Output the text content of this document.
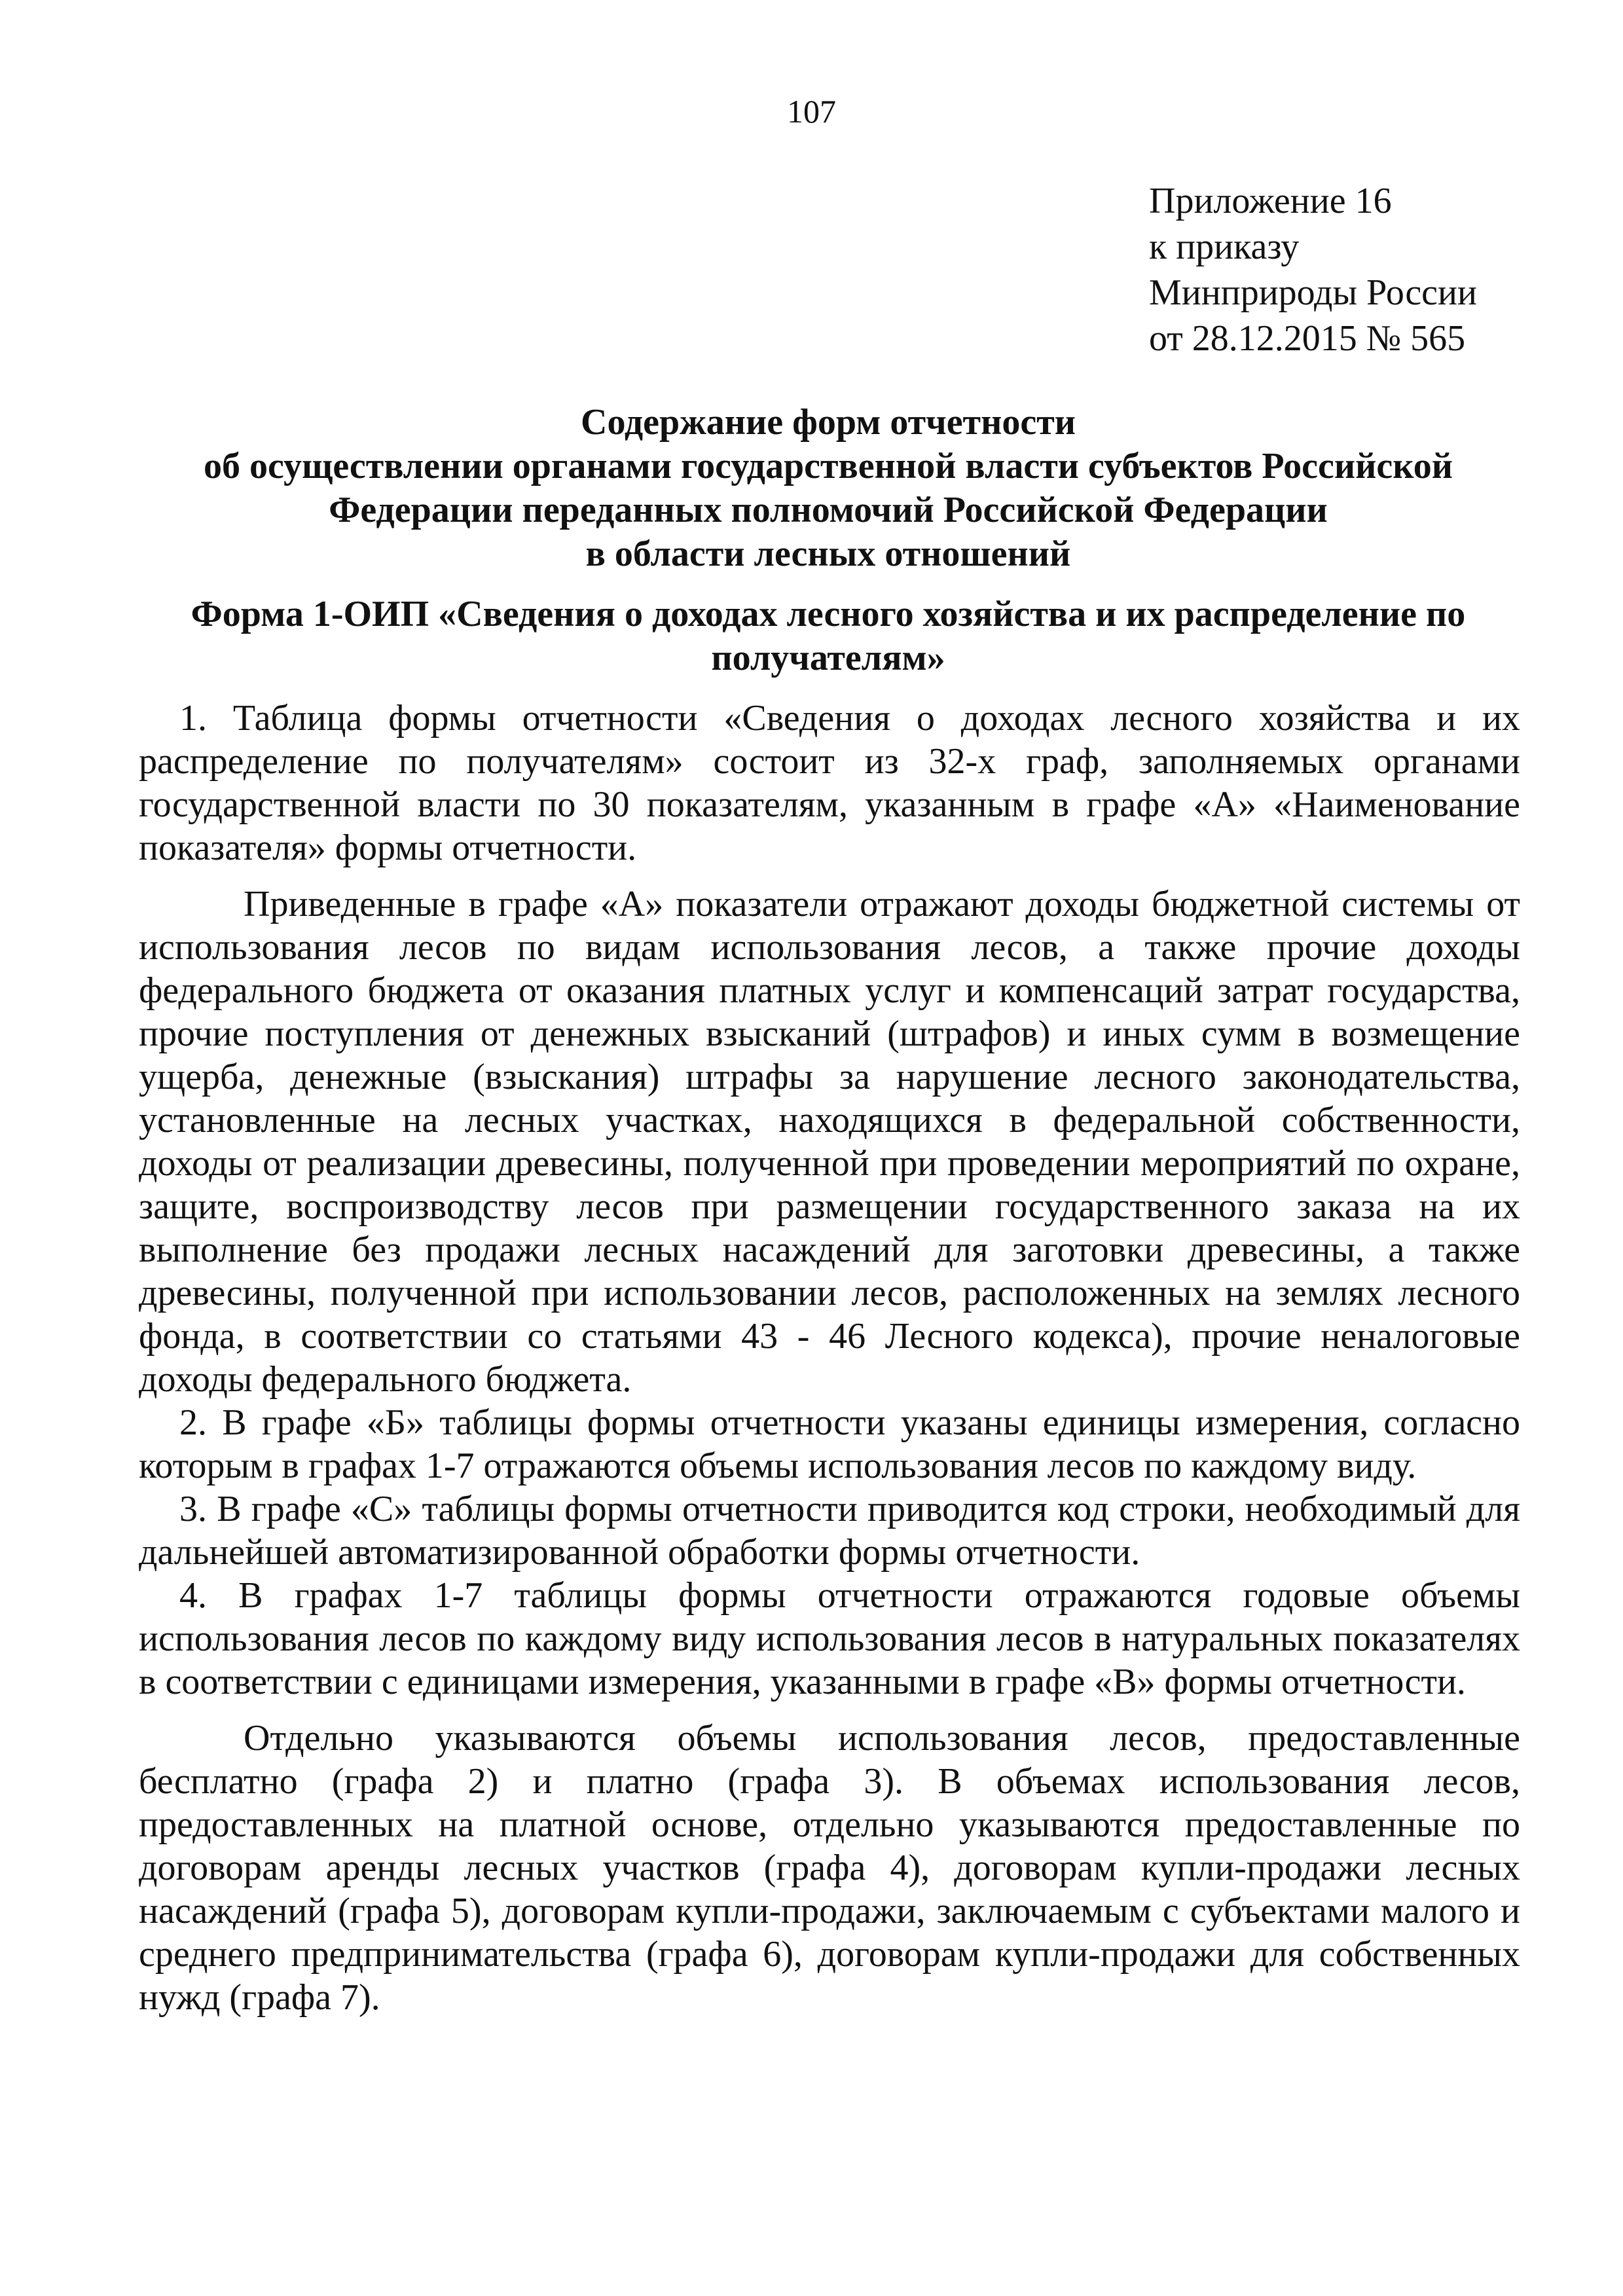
107
Приложение 16
к приказу
Минприроды России
от 28.12.2015 № 565
Содержание форм отчетности
об осуществлении органами государственной власти субъектов Российской
Федерации переданных полномочий Российской Федерации
в области лесных отношений
Форма 1-ОИП «Сведения о доходах лесного хозяйства и их распределение по
получателям»

1. Таблица формы отчетности «Сведения о доходах лесного хозяйства и их распределение по получателям» состоит из 32-х граф, заполняемых органами государственной власти по 30 показателям, указанным в графе «А» «Наименование показателя» формы отчетности.

Приведенные в графе «А» показатели отражают доходы бюджетной системы от использования лесов по видам использования лесов, а также прочие доходы федерального бюджета от оказания платных услуг и компенсаций затрат государства, прочие поступления от денежных взысканий (штрафов) и иных сумм в возмещение ущерба, денежные (взыскания) штрафы за нарушение лесного законодательства, установленные на лесных участках, находящихся в федеральной собственности, доходы от реализации древесины, полученной при проведении мероприятий по охране, защите, воспроизводству лесов при размещении государственного заказа на их выполнение без продажи лесных насаждений для заготовки древесины, а также древесины, полученной при использовании лесов, расположенных на землях лесного фонда, в соответствии со статьями 43 - 46 Лесного кодекса), прочие неналоговые доходы федерального бюджета.

2. В графе «Б» таблицы формы отчетности указаны единицы измерения, согласно которым в графах 1-7 отражаются объемы использования лесов по каждому виду.

3. В графе «С» таблицы формы отчетности приводится код строки, необходимый для дальнейшей автоматизированной обработки формы отчетности.

4. В графах 1-7 таблицы формы отчетности отражаются годовые объемы использования лесов по каждому виду использования лесов в натуральных показателях в соответствии с единицами измерения, указанными в графе «В» формы отчетности.

Отдельно указываются объемы использования лесов, предоставленные бесплатно (графа 2) и платно (графа 3). В объемах использования лесов, предоставленных на платной основе, отдельно указываются предоставленные по договорам аренды лесных участков (графа 4), договорам купли-продажи лесных насаждений (графа 5), договорам купли-продажи, заключаемым с субъектами малого и среднего предпринимательства (графа 6), договорам купли-продажи для собственных нужд (графа 7).
